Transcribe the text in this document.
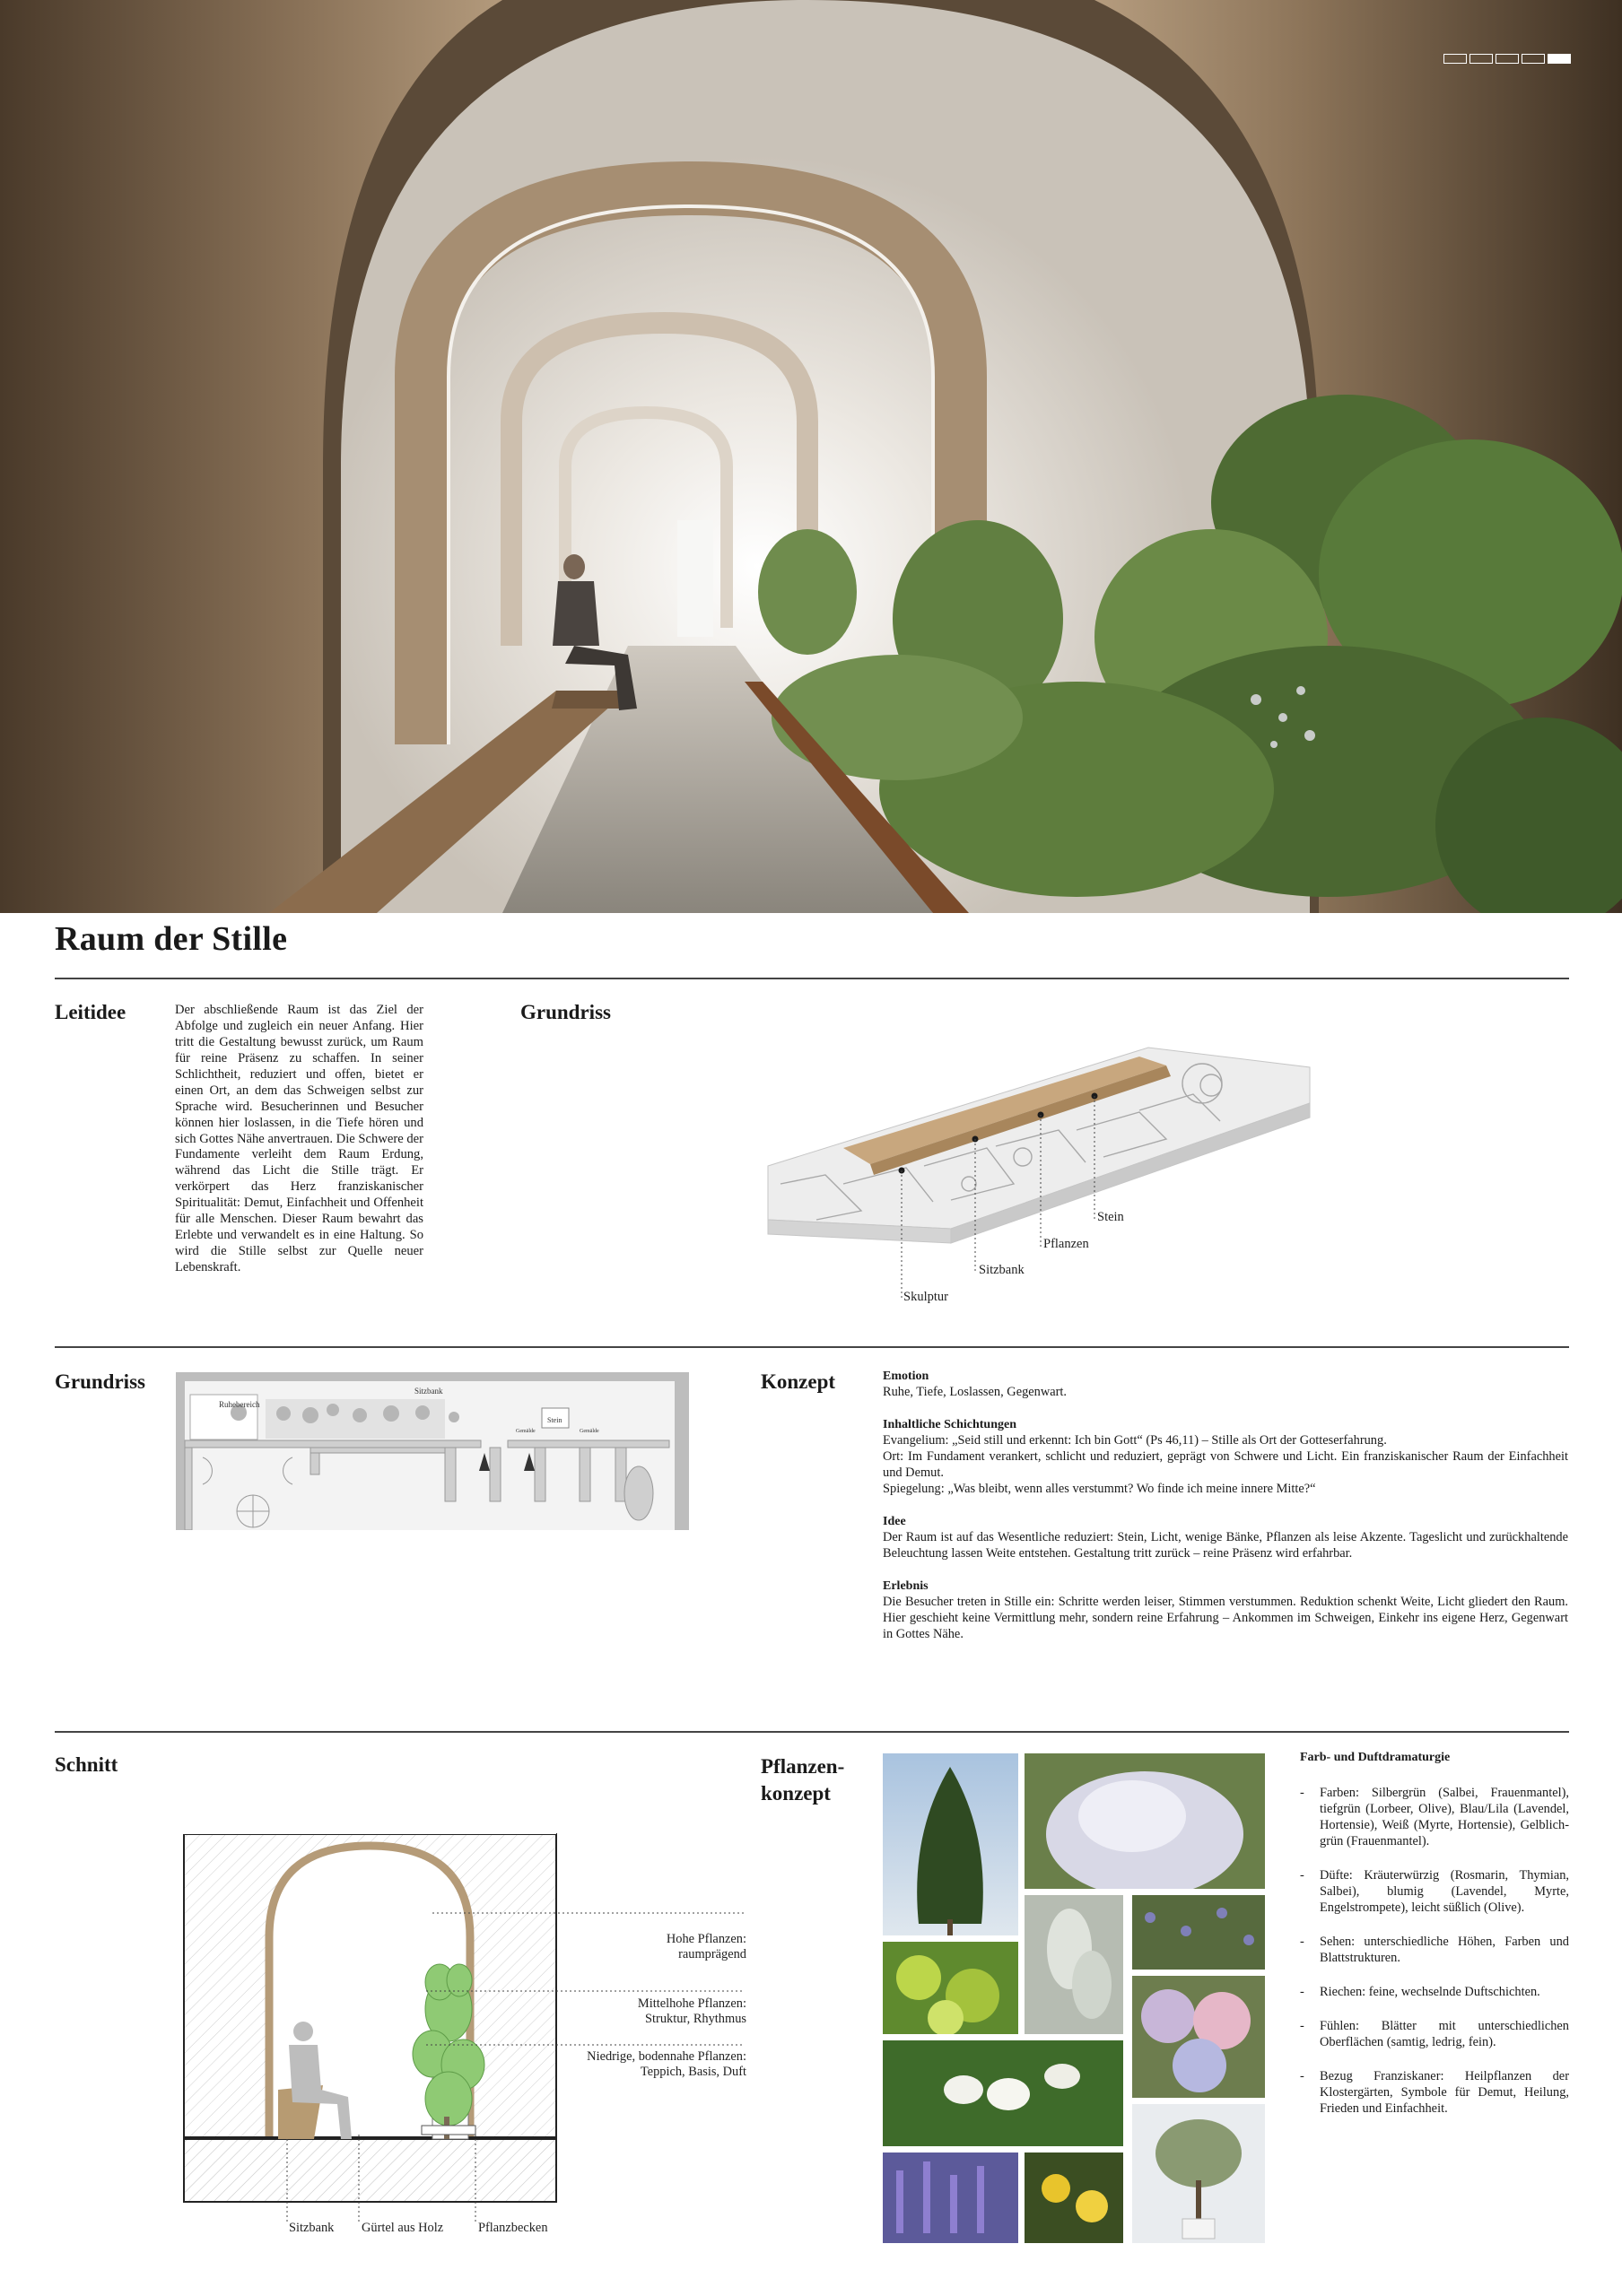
Raum der Stille
Leitidee	Der abschließende Raum ist das Ziel der Abfolge und zugleich ein neuer Anfang. Hier tritt die Gestaltung bewusst zurück, um Raum für reine Präsenz zu schaffen. In seiner Schlichtheit, reduziert und offen, bietet er einen Ort, an dem das Schweigen selbst zur Sprache wird. Besucherinnen und Besucher können hier loslassen, in die Tiefe hören und sich Gottes Nähe anvertrauen. Die Schwere der Fundamente verleiht dem Raum Erdung, während das Licht die Stille trägt. Er verkörpert das Herz franziskanischer Spiritualität: Demut, Einfachheit und Offenheit für alle Menschen. Dieser Raum bewahrt das Erlebte und verwandelt es in eine Haltung. So wird die Stille selbst zur Quelle neuer Lebenskraft.
Grundriss
Stein
Pflanzen
Sitzbank
Skulptur
Grundriss
Ruhebereich
Sitzbank
Stein
Gemälde	Gemälde
Konzept	Emotion

Ruhe, Tiefe, Loslassen, Gegenwart.

Inhaltliche Schichtungen

Evangelium: „Seid still und erkennt: Ich bin Gott“ (Ps 46,11) – Stille als Ort der Gotteserfahrung.

Ort: Im Fundament verankert, schlicht und reduziert, geprägt von Schwere und Licht. Ein franziskanischer Raum der Einfachheit und Demut.

Spiegelung: „Was bleibt, wenn alles verstummt? Wo finde ich meine innere Mitte?“

Idee

Der Raum ist auf das Wesentliche reduziert: Stein, Licht, wenige Bänke, Pflanzen als leise Akzente. Tageslicht und zurückhaltende Beleuchtung lassen Weite entstehen. Gestaltung tritt zurück – reine Präsenz wird erfahrbar.

Erlebnis

Die Besucher treten in Stille ein: Schritte werden leiser, Stimmen verstummen. Reduktion schenkt Weite, Licht gliedert den Raum. Hier geschieht keine Vermittlung mehr, sondern reine Erfahrung – Ankommen im Schweigen, Einkehr ins eigene Herz, Gegenwart in Gottes Nähe.

Schnitt
Hohe Pflanzen:
raumprägend
Mittelhohe Pflanzen:
Struktur, Rhythmus
Niedrige, bodennahe Pflanzen:
Teppich, Basis, Duft
Sitzbank Gürtel aus Holz	Pflanzbecken
Pflanzen-
konzept
Farb- und Duftdramaturgie
-	Farben: Silbergrün (Salbei, Frauenmantel), tiefgrün (Lorbeer, Olive), Blau/Lila (Lavendel, Hortensie), Weiß (Myrte, Hortensie), Gelblich-grün (Frauenmantel).
-	Düfte: Kräuterwürzig (Rosmarin, Thymian, Salbei), blumig (Lavendel, Myrte, Engelstrompete), leicht süßlich (Olive).
-	Sehen: unterschiedliche Höhen, Farben und Blattstrukturen.
-	Riechen: feine, wechselnde Duftschichten.
-	Fühlen: Blätter mit unterschiedlichen Oberflächen (samtig, ledrig, fein).
-	Bezug Franziskaner: Heilpflanzen der Klostergärten, Symbole für Demut, Heilung, Frieden und Einfachheit.
